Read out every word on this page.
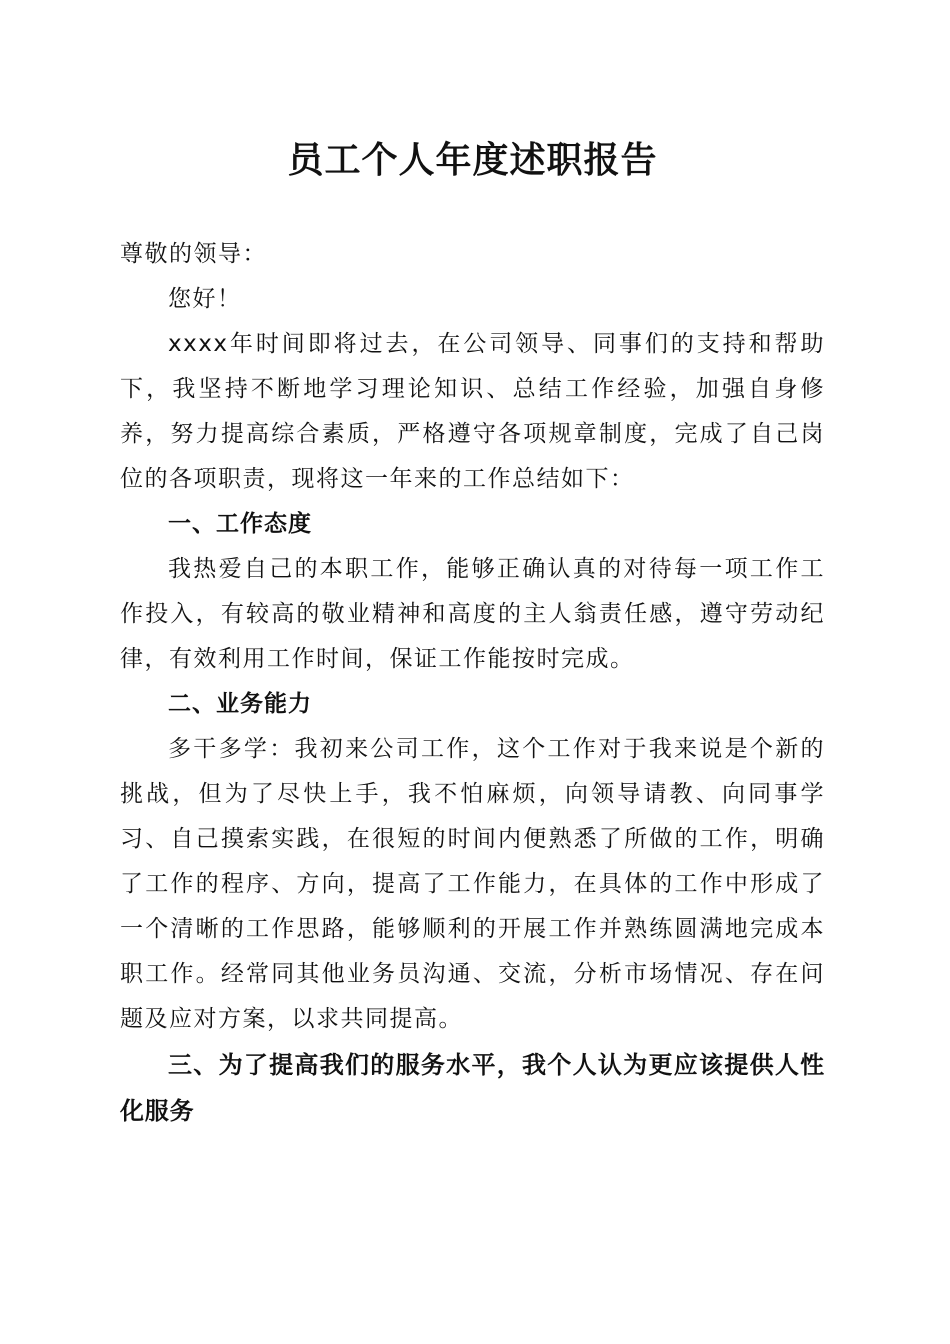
员工个人年度述职报告
尊敬的领导：

您好！

xxxx年时间即将过去，在公司领导、同事们的支持和帮助下，我坚持不断地学习理论知识、总结工作经验，加强自身修养，努力提高综合素质，严格遵守各项规章制度，完成了自己岗位的各项职责，现将这一年来的工作总结如下：

一、工作态度

我热爱自己的本职工作，能够正确认真的对待每一项工作工作投入，有较高的敬业精神和高度的主人翁责任感，遵守劳动纪律，有效利用工作时间，保证工作能按时完成。

二、业务能力

多干多学：我初来公司工作，这个工作对于我来说是个新的挑战，但为了尽快上手，我不怕麻烦，向领导请教、向同事学习、自己摸索实践，在很短的时间内便熟悉了所做的工作，明确了工作的程序、方向，提高了工作能力，在具体的工作中形成了一个清晰的工作思路，能够顺利的开展工作并熟练圆满地完成本职工作。经常同其他业务员沟通、交流，分析市场情况、存在问题及应对方案，以求共同提高。

三、为了提高我们的服务水平，我个人认为更应该提供人性化服务
